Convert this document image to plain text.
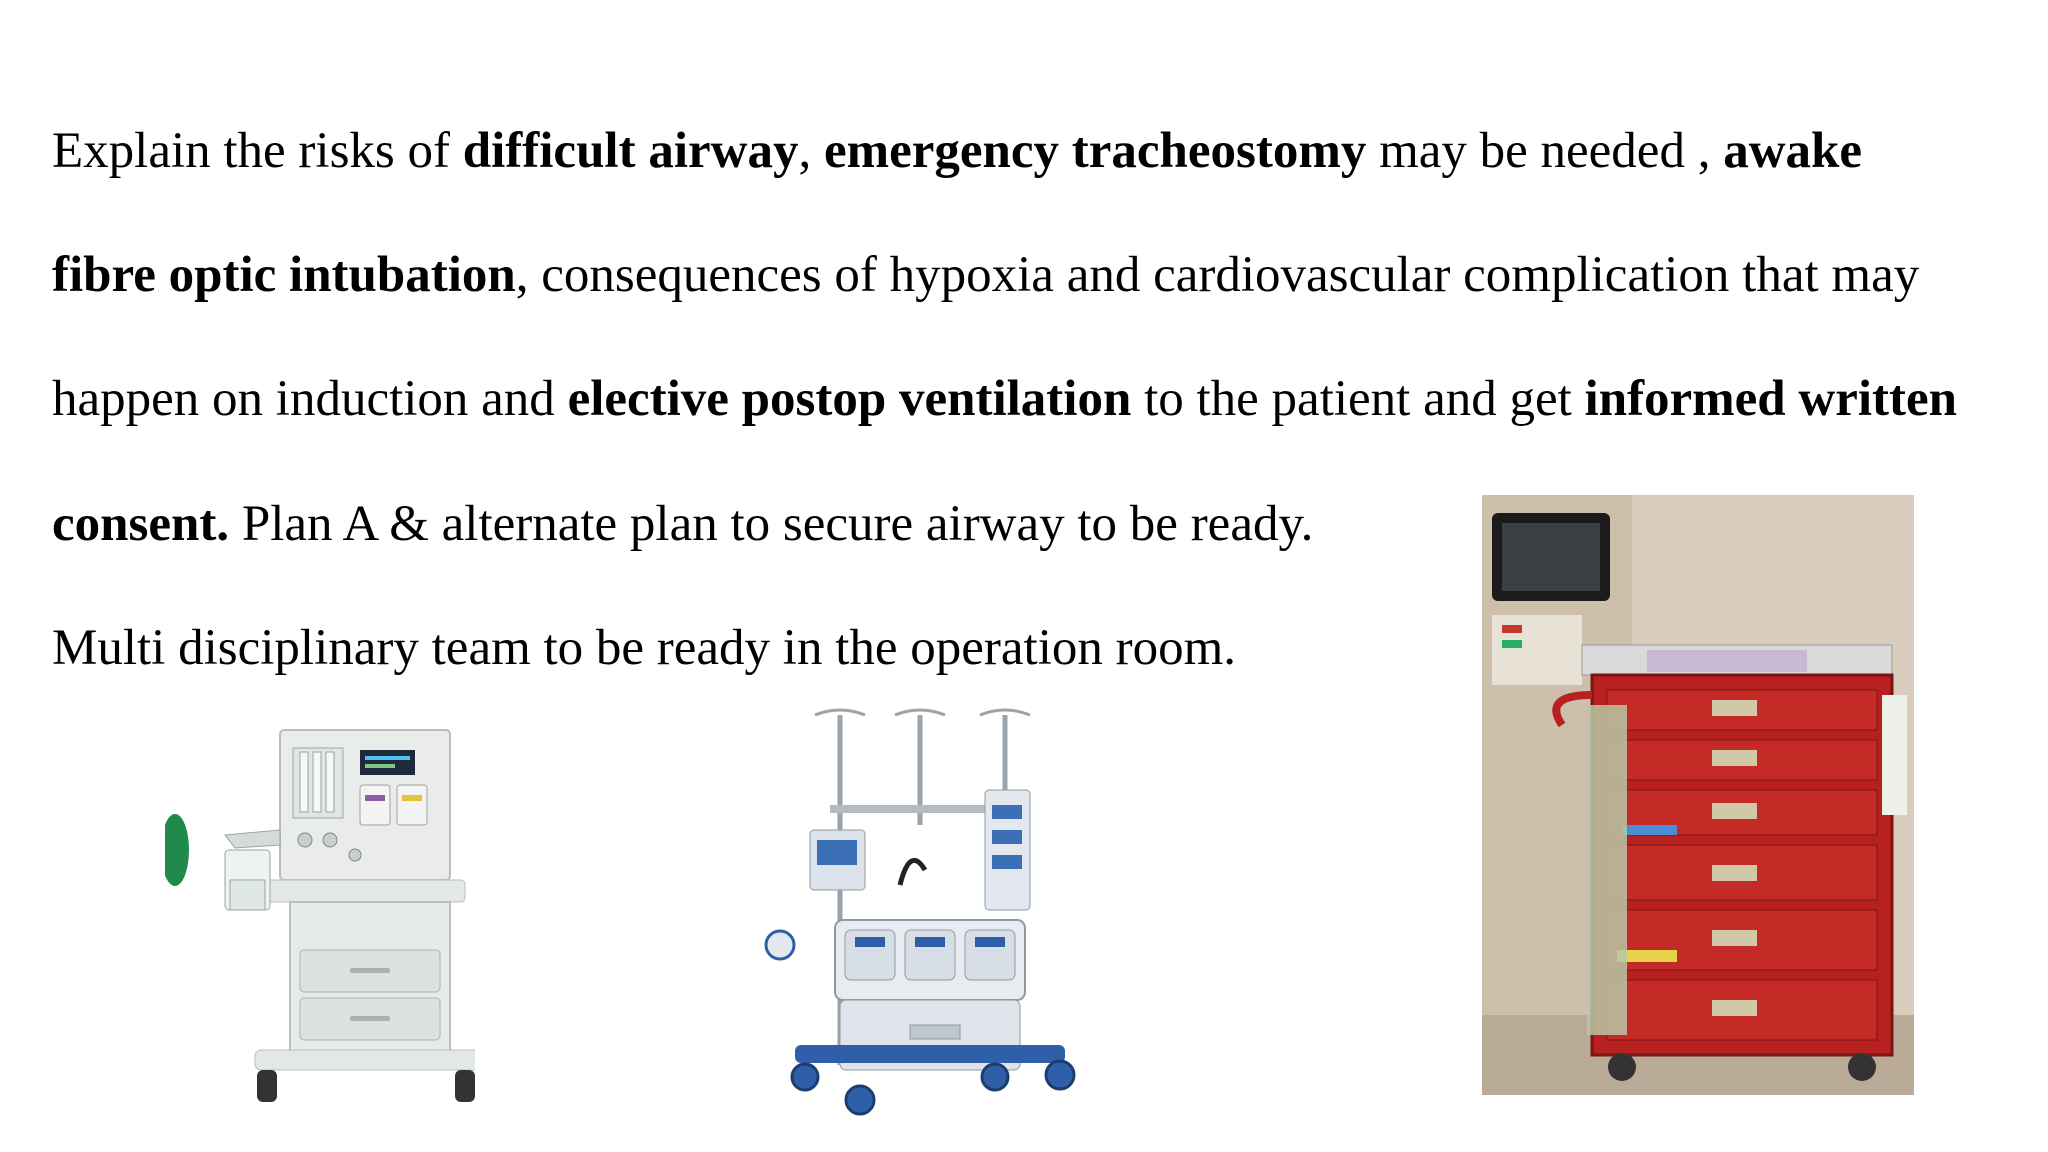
Explain the risks of difficult airway, emergency tracheostomy may be needed , awake
fibre optic intubation, consequences of hypoxia and cardiovascular complication that may
happen on induction and elective postop ventilation to the patient and get informed written
consent. Plan A & alternate plan to secure airway to be ready.
Multi disciplinary team to be ready in the operation room.
